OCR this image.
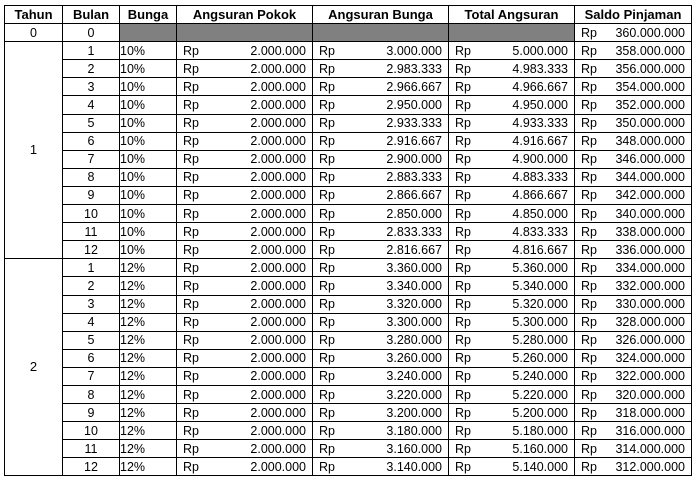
Tahun	Bulan	Bunga	Angsuran Pokok	Angsuran Bunga	Total Angsuran	Saldo Pinjaman
0	0					Rp 360.000.000

1	1	10%	Rp 2.000.000	Rp 3.000.000	Rp 5.000.000	Rp 358.000.000

	2	10%	Rp 2.000.000	Rp 2.983.333	Rp 4.983.333	Rp 356.000.000

	3	10%	Rp 2.000.000	Rp 2.966.667	Rp 4.966.667	Rp 354.000.000

	4	10%	Rp 2.000.000	Rp 2.950.000	Rp 4.950.000	Rp 352.000.000

	5	10%	Rp 2.000.000	Rp 2.933.333	Rp 4.933.333	Rp 350.000.000

	6	10%	Rp 2.000.000	Rp 2.916.667	Rp 4.916.667	Rp 348.000.000

	7	10%	Rp 2.000.000	Rp 2.900.000	Rp 4.900.000	Rp 346.000.000

	8	10%	Rp 2.000.000	Rp 2.883.333	Rp 4.883.333	Rp 344.000.000

	9	10%	Rp 2.000.000	Rp 2.866.667	Rp 4.866.667	Rp 342.000.000

	10	10%	Rp 2.000.000	Rp 2.850.000	Rp 4.850.000	Rp 340.000.000

	11	10%	Rp 2.000.000	Rp 2.833.333	Rp 4.833.333	Rp 338.000.000

	12	10%	Rp 2.000.000	Rp 2.816.667	Rp 4.816.667	Rp 336.000.000

2	1	12%	Rp 2.000.000	Rp 3.360.000	Rp 5.360.000	Rp 334.000.000

	2	12%	Rp 2.000.000	Rp 3.340.000	Rp 5.340.000	Rp 332.000.000

	3	12%	Rp 2.000.000	Rp 3.320.000	Rp 5.320.000	Rp 330.000.000

	4	12%	Rp 2.000.000	Rp 3.300.000	Rp 5.300.000	Rp 328.000.000

	5	12%	Rp 2.000.000	Rp 3.280.000	Rp 5.280.000	Rp 326.000.000

	6	12%	Rp 2.000.000	Rp 3.260.000	Rp 5.260.000	Rp 324.000.000

	7	12%	Rp 2.000.000	Rp 3.240.000	Rp 5.240.000	Rp 322.000.000

	8	12%	Rp 2.000.000	Rp 3.220.000	Rp 5.220.000	Rp 320.000.000

	9	12%	Rp 2.000.000	Rp 3.200.000	Rp 5.200.000	Rp 318.000.000

	10	12%	Rp 2.000.000	Rp 3.180.000	Rp 5.180.000	Rp 316.000.000

	11	12%	Rp 2.000.000	Rp 3.160.000	Rp 5.160.000	Rp 314.000.000

	12	12%	Rp 2.000.000	Rp 3.140.000	Rp 5.140.000	Rp 312.000.000
